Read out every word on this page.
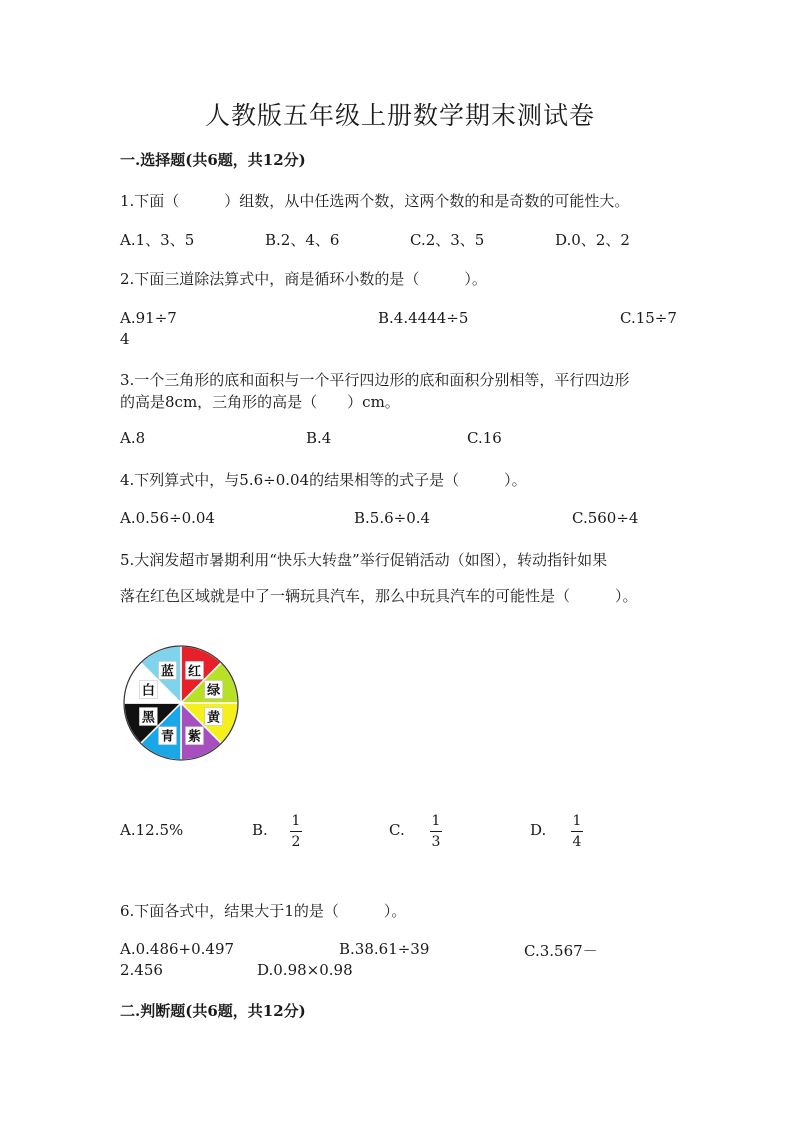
人教版五年级上册数学期末测试卷
一.选择题(共6题，共12分)
1.下面（　　　）组数，从中任选两个数，这两个数的和是奇数的可能性大。
A.1、3、5	B.2、4、6	C.2、3、5	D.0、2、2
2.下面三道除法算式中，商是循环小数的是（　　　）。
A.91÷7	B.4.4444÷5	C.15÷7
4
3.一个三角形的底和面积与一个平行四边形的底和面积分别相等，平行四边形
的高是8cm，三角形的高是（　　）cm。
A.8	B.4	C.16
4.下列算式中，与5.6÷0.04的结果相等的式子是（　　　）。
A.0.56÷0.04	B.5.6÷0.4	C.560÷4
5.大润发超市暑期利用“快乐大转盘”举行促销活动（如图），转动指针如果
落在红色区域就是中了一辆玩具汽车，那么中玩具汽车的可能性是（　　　）。
红
绿
黄
紫
青
黑
白
蓝
A.12.5%	B. 1
2
C. 1
3
D. 1
4
6.下面各式中，结果大于1的是（　　　）。
A.0.486+0.497	B.38.61÷39	C.3.567－
2.456	D.0.98×0.98
二.判断题(共6题，共12分)
